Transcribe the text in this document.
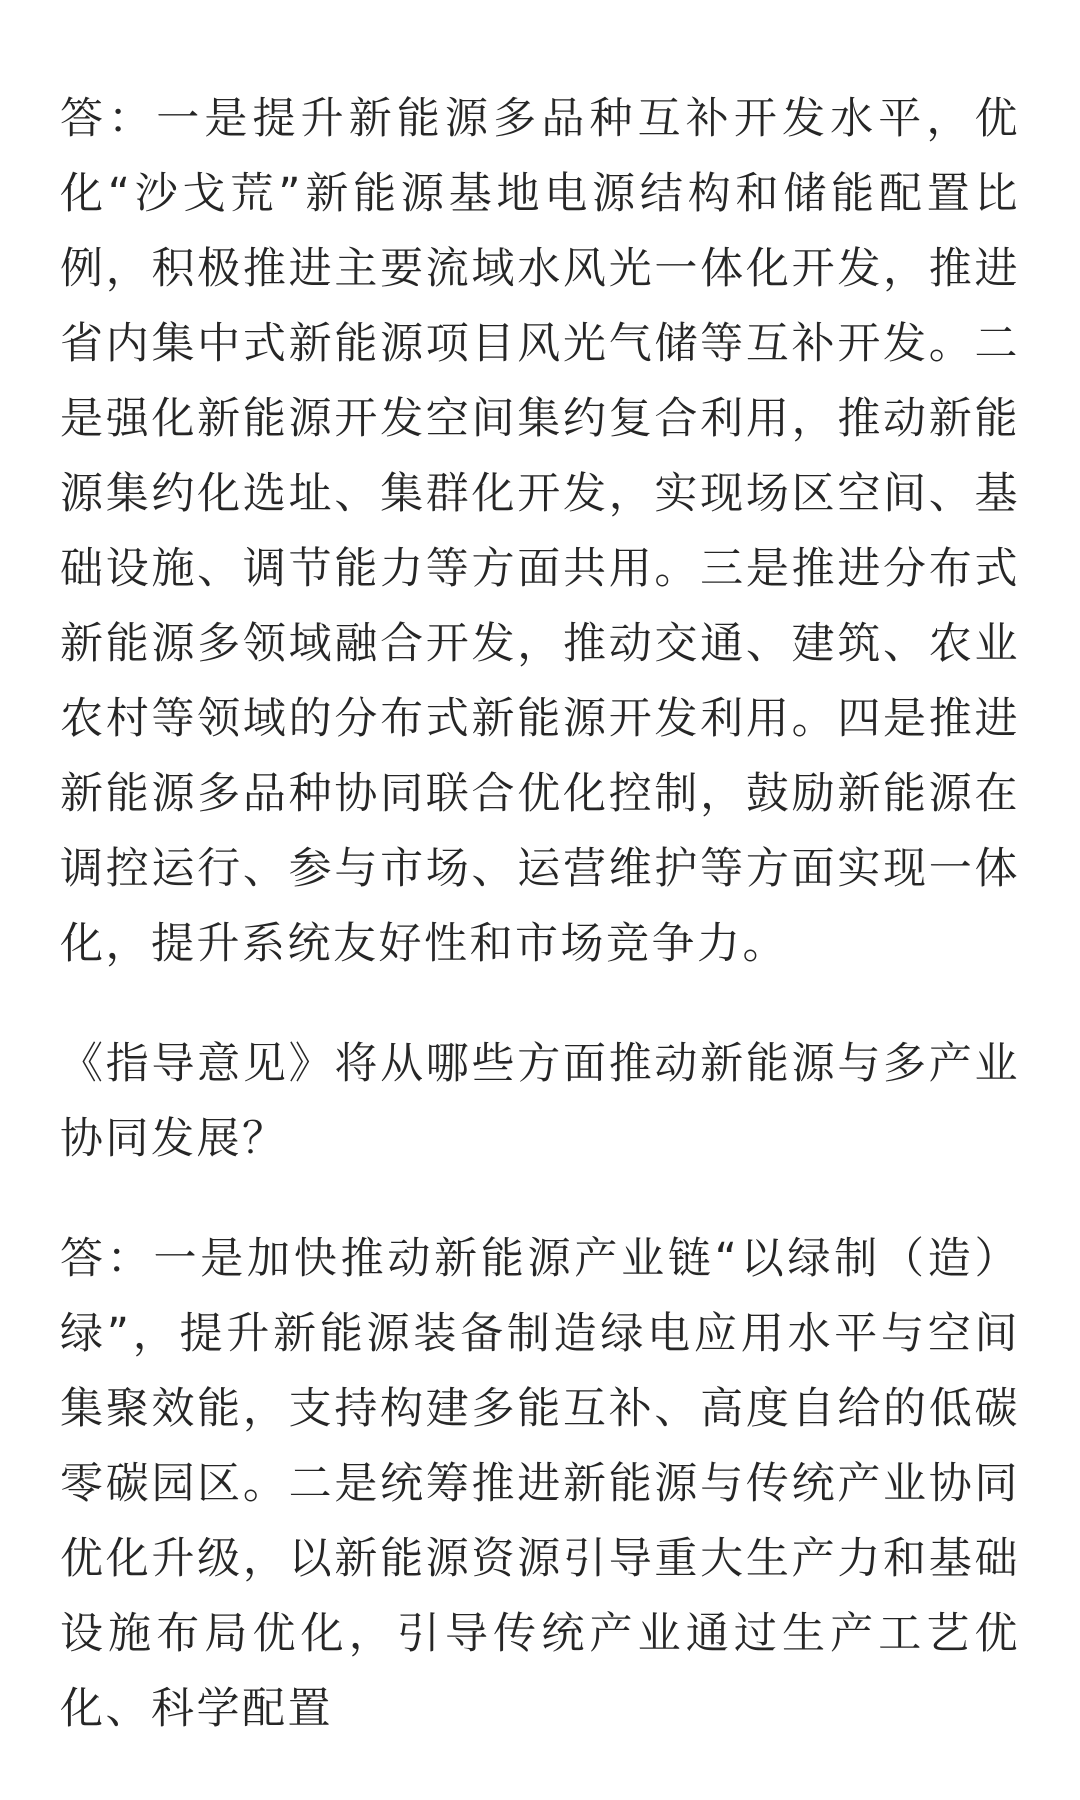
答：一是提升新能源多品种互补开发水平，优化“沙戈荒”新能源基地电源结构和储能配置比例，积极推进主要流域水风光一体化开发，推进省内集中式新能源项目风光气储等互补开发。二是强化新能源开发空间集约复合利用，推动新能源集约化选址、集群化开发，实现场区空间、基础设施、调节能力等方面共用。三是推进分布式新能源多领域融合开发，推动交通、建筑、农业农村等领域的分布式新能源开发利用。四是推进新能源多品种协同联合优化控制，鼓励新能源在调控运行、参与市场、运营维护等方面实现一体化，提升系统友好性和市场竞争力。

《指导意见》将从哪些方面推动新能源与多产业协同发展？

答：一是加快推动新能源产业链“以绿制（造）绿”，提升新能源装备制造绿电应用水平与空间集聚效能，支持构建多能互补、高度自给的低碳零碳园区。二是统筹推进新能源与传统产业协同优化升级，以新能源资源引导重大生产力和基础设施布局优化，引导传统产业通过生产工艺优化、科学配置
